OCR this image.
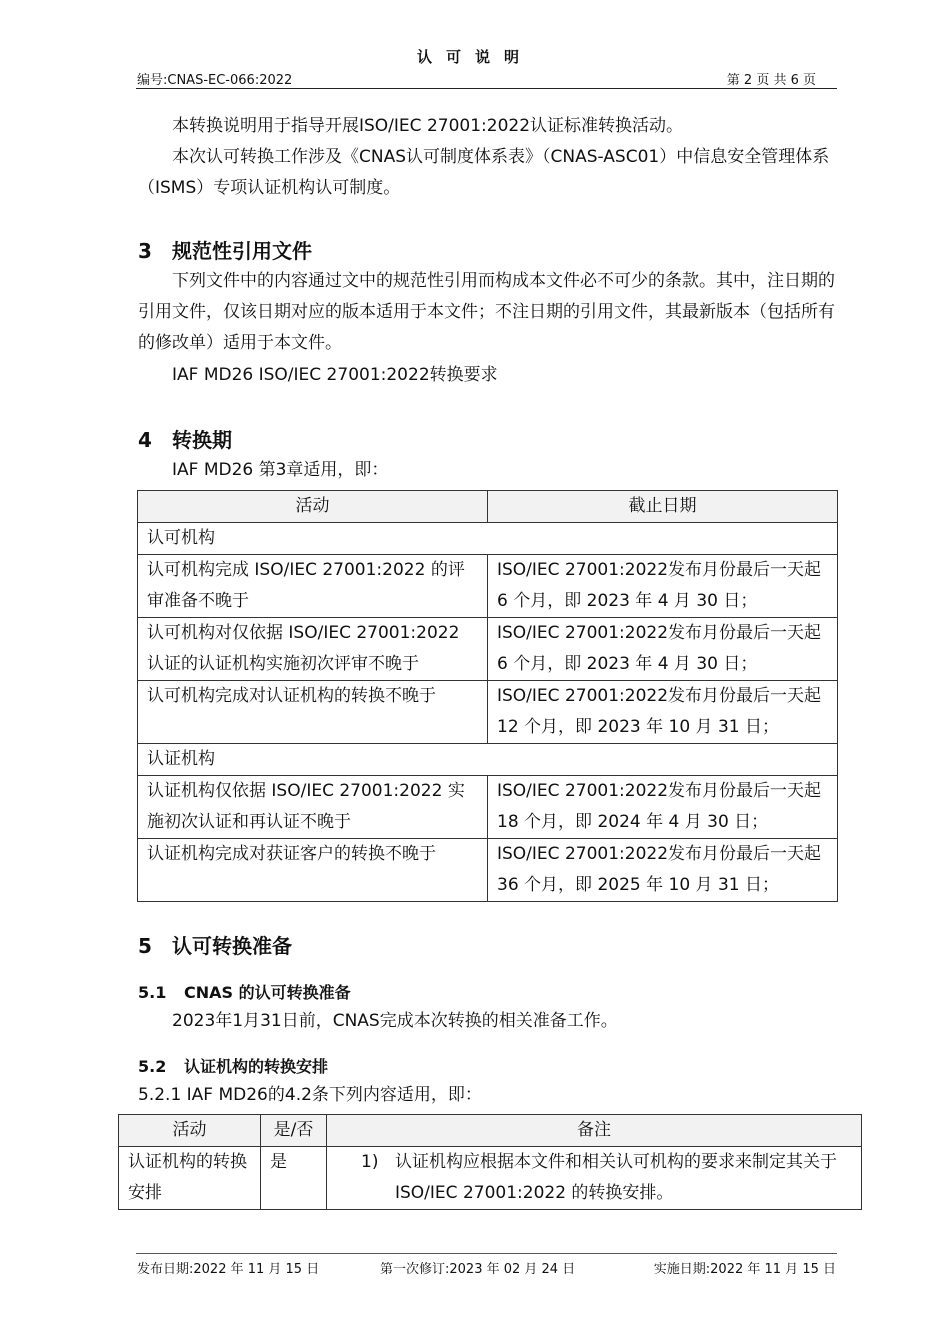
认可说明
编号:CNAS-EC-066:2022	第 2 页 共 6 页
本转换说明用于指导开展ISO/IEC 27001:2022认证标准转换活动。
本次认可转换工作涉及《CNAS认可制度体系表》（CNAS-ASC01）中信息安全管理体系（ISMS）专项认证机构认可制度。
3 规范性引用文件
下列文件中的内容通过文中的规范性引用而构成本文件必不可少的条款。其中，注日期的引用文件，仅该日期对应的版本适用于本文件；不注日期的引用文件，其最新版本（包括所有的修改单）适用于本文件。
IAF MD26 ISO/IEC 27001:2022转换要求
4 转换期
IAF MD26 第3章适用，即：
活动	截止日期
认可机构	
认可机构完成 ISO/IEC 27001:2022 的评审准备不晚于	ISO/IEC 27001:2022发布月份最后一天起 6 个月，即 2023 年 4 月 30 日；
认可机构对仅依据 ISO/IEC 27001:2022 认证的认证机构实施初次评审不晚于	ISO/IEC 27001:2022发布月份最后一天起 6 个月，即 2023 年 4 月 30 日；
认可机构完成对认证机构的转换不晚于	ISO/IEC 27001:2022发布月份最后一天起 12 个月，即 2023 年 10 月 31 日；
认证机构	
认证机构仅依据 ISO/IEC 27001:2022 实施初次认证和再认证不晚于	ISO/IEC 27001:2022发布月份最后一天起 18 个月，即 2024 年 4 月 30 日；
认证机构完成对获证客户的转换不晚于	ISO/IEC 27001:2022发布月份最后一天起 36 个月，即 2025 年 10 月 31 日；
5 认可转换准备
5.1 CNAS 的认可转换准备
2023年1月31日前，CNAS完成本次转换的相关准备工作。
5.2 认证机构的转换安排
5.2.1 IAF MD26的4.2条下列内容适用，即：
活动	是/否	备注
认证机构的转换安排	是	1) 认证机构应根据本文件和相关认可机构的要求来制定其关于 ISO/IEC 27001:2022 的转换安排。
发布日期:2022 年 11 月 15 日	第一次修订:2023 年 02 月 24 日	实施日期:2022 年 11 月 15 日
